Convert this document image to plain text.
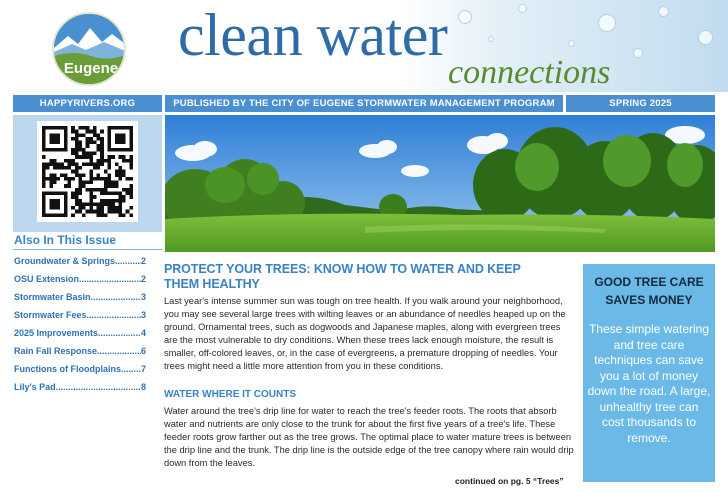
Eugene
clean water
connections
HAPPYRIVERS.ORG	PUBLISHED BY THE CITY OF EUGENE STORMWATER MANAGEMENT PROGRAM	SPRING 2025
Also In This Issue
Groundwater & Springs .....	2
OSU Extension .....	2
Stormwater Basin .....	3
Stormwater Fees .....	3
2025 Improvements .....	4
Rain Fall Response .....	6
Functions of Floodplains ..... 7
Lily's Pad .....	8
PROTECT YOUR TREES: KNOW HOW TO WATER AND KEEP THEM HEALTHY

Last year's intense summer sun was tough on tree health. If you walk around your neighborhood, you may see several large trees with wilting leaves or an abundance of needles heaped up on the ground. Ornamental trees, such as dogwoods and Japanese maples, along with evergreen trees are the most vulnerable to dry conditions. When these trees lack enough moisture, the result is smaller, off-colored leaves, or, in the case of evergreens, a premature dropping of needles. Your trees might need a little more attention from you in these conditions.

WATER WHERE IT COUNTS

Water around the tree's drip line for water to reach the tree's feeder roots. The roots that absorb water and nutrients are only close to the trunk for about the first five years of a tree's life. These feeder roots grow farther out as the tree grows. The optimal place to water mature trees is between the drip line and the trunk. The drip line is the outside edge of the tree canopy where rain would drip down from the leaves.

continued on pg. 5 “Trees”
GOOD TREE CARE SAVES MONEY
These simple watering and tree care techniques can save you a lot of money down the road. A large, unhealthy tree can cost thousands to remove.
